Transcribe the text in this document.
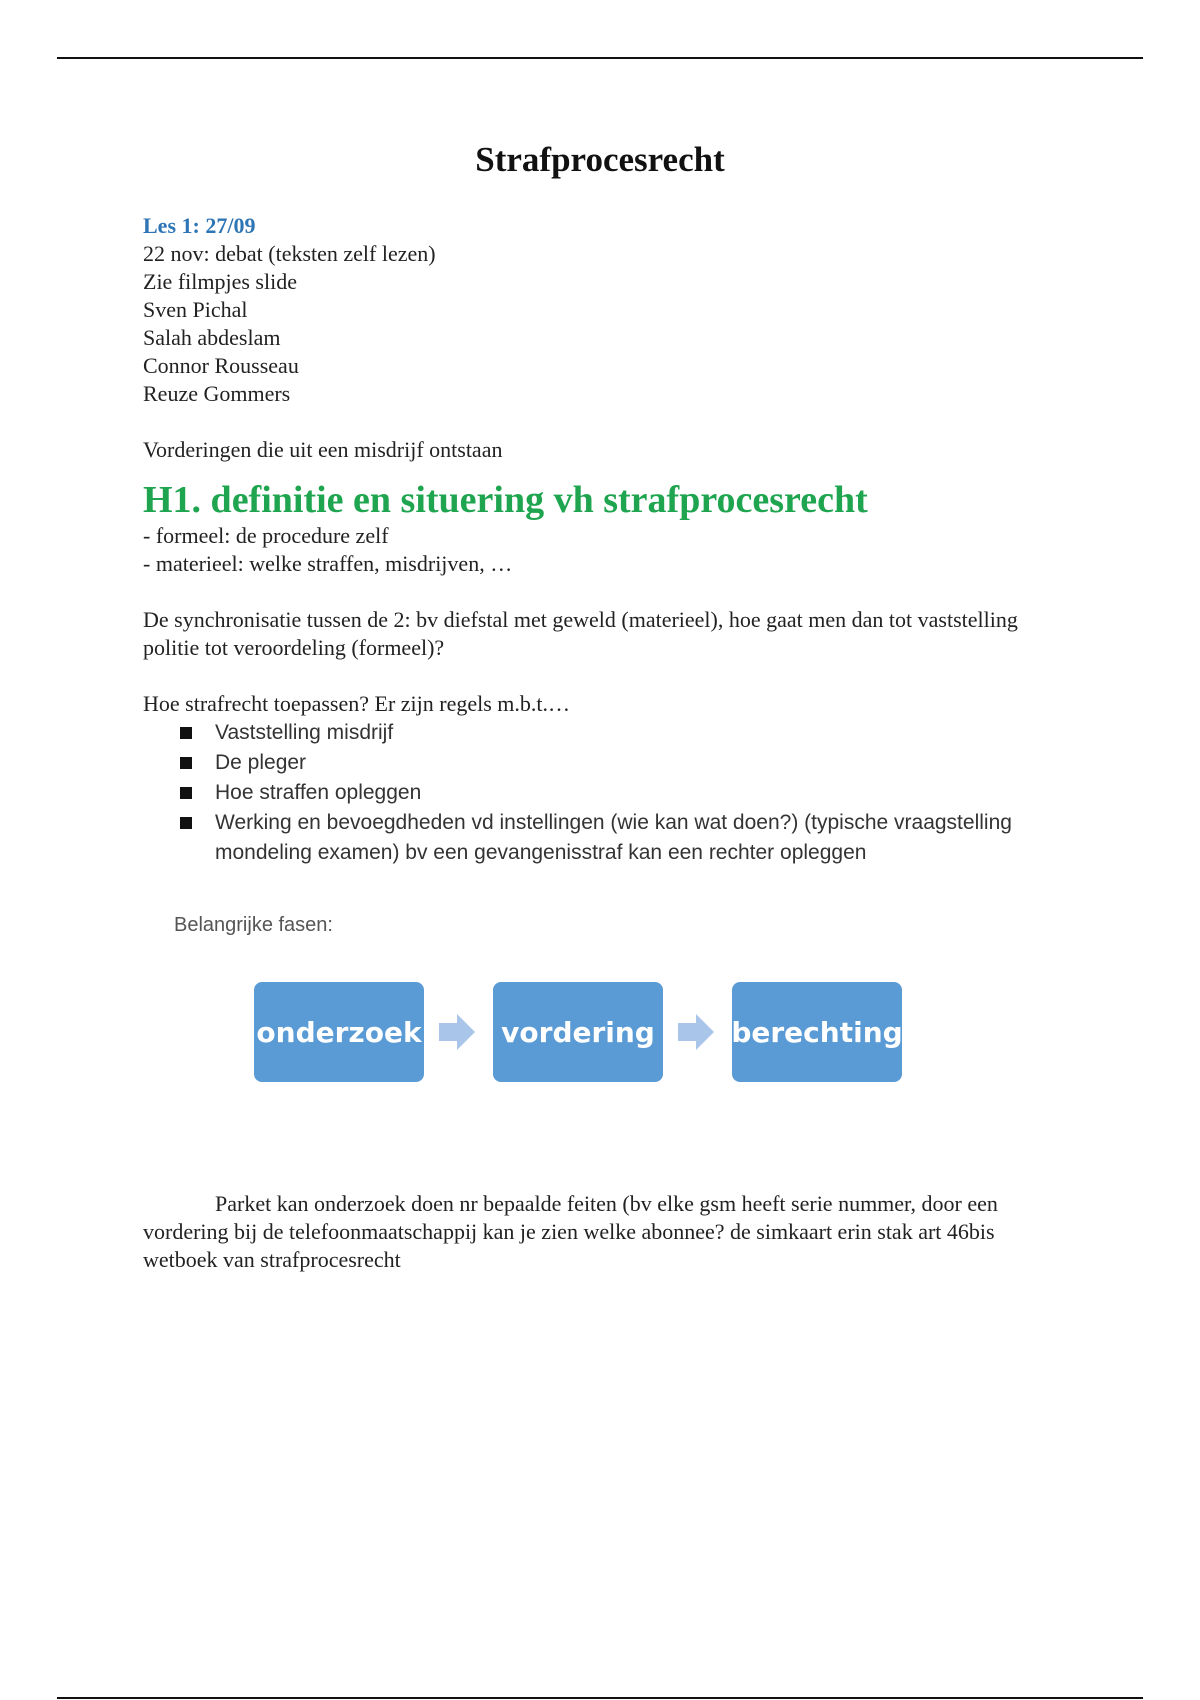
Strafprocesrecht

Les 1: 27/09

22 nov: debat (teksten zelf lezen)

Zie filmpjes slide

Sven Pichal

Salah abdeslam

Connor Rousseau

Reuze Gommers

Vorderingen die uit een misdrijf ontstaan

H1. definitie en situering vh strafprocesrecht

- formeel: de procedure zelf

- materieel: welke straffen, misdrijven, …

De synchronisatie tussen de 2: bv diefstal met geweld (materieel), hoe gaat men dan tot vaststelling politie tot veroordeling (formeel)?

Hoe strafrecht toepassen? Er zijn regels m.b.t.…

Vaststelling misdrijf
De pleger
Hoe straffen opleggen
Werking en bevoegdheden vd instellingen (wie kan wat doen?) (typische vraagstelling mondeling examen) bv een gevangenisstraf kan een rechter opleggen

Belangrijke fasen:

onderzoek	vordering	berechting

Parket kan onderzoek doen nr bepaalde feiten (bv elke gsm heeft serie nummer, door een vordering bij de telefoonmaatschappij kan je zien welke abonnee? de simkaart erin stak art 46bis wetboek van strafprocesrecht
